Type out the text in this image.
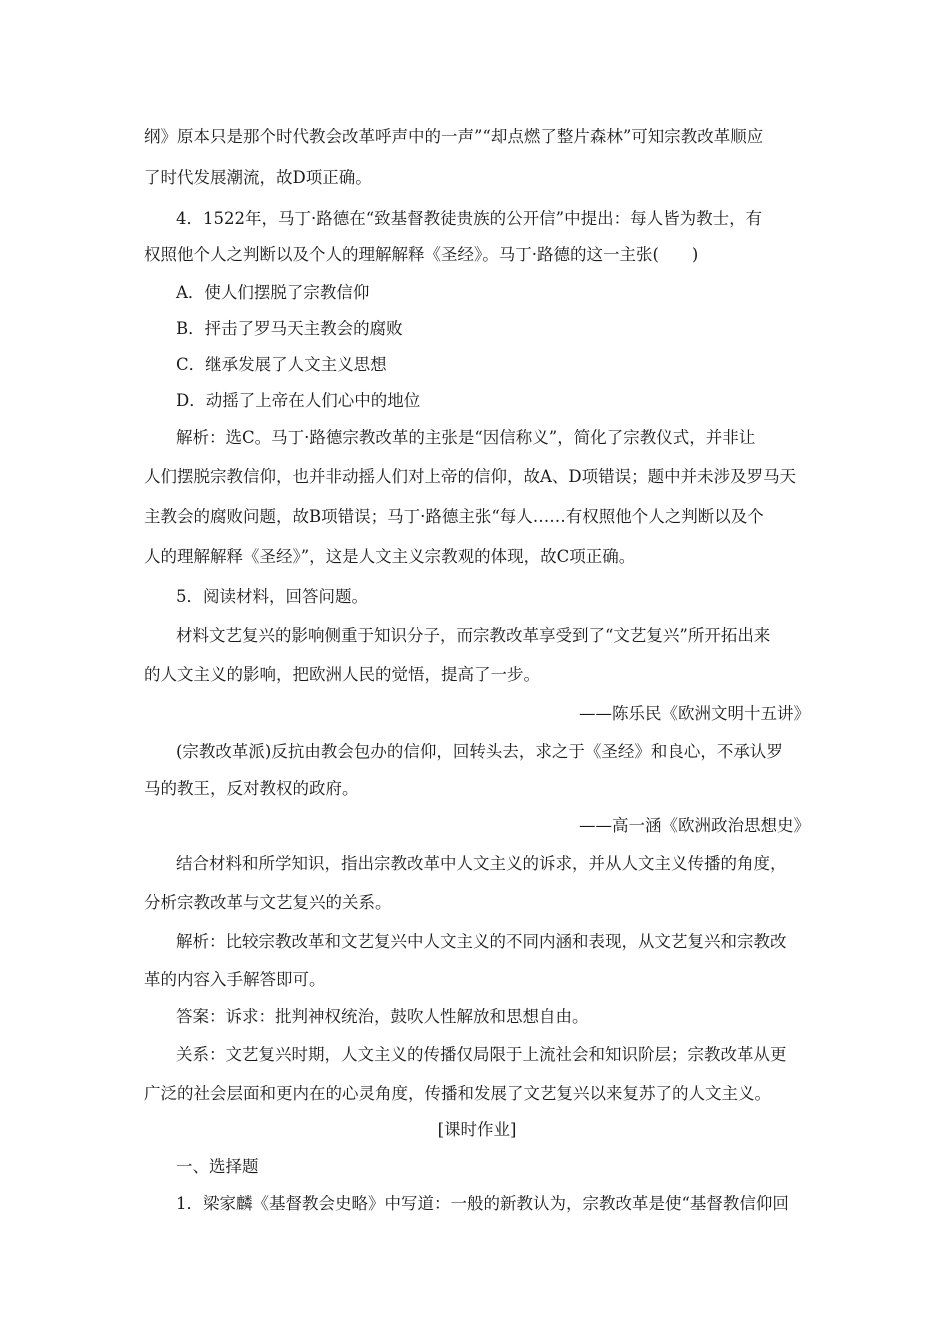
纲》原本只是那个时代教会改革呼声中的一声”“却点燃了整片森林”可知宗教改革顺应
了时代发展潮流，故D项正确。
4．1522年，马丁·路德在“致基督教徒贵族的公开信”中提出：每人皆为教士，有
权照他个人之判断以及个人的理解解释《圣经》。马丁·路德的这一主张(　　)
A．使人们摆脱了宗教信仰
B．抨击了罗马天主教会的腐败
C．继承发展了人文主义思想
D．动摇了上帝在人们心中的地位
解析：选C。马丁·路德宗教改革的主张是“因信称义”，简化了宗教仪式，并非让
人们摆脱宗教信仰，也并非动摇人们对上帝的信仰，故A、D项错误；题中并未涉及罗马天
主教会的腐败问题，故B项错误；马丁·路德主张“每人……有权照他个人之判断以及个
人的理解解释《圣经》”，这是人文主义宗教观的体现，故C项正确。
5．阅读材料，回答问题。
材料文艺复兴的影响侧重于知识分子，而宗教改革享受到了“文艺复兴”所开拓出来
的人文主义的影响，把欧洲人民的觉悟，提高了一步。
——陈乐民《欧洲文明十五讲》
(宗教改革派)反抗由教会包办的信仰，回转头去，求之于《圣经》和良心，不承认罗
马的教王，反对教权的政府。
——高一涵《欧洲政治思想史》
结合材料和所学知识，指出宗教改革中人文主义的诉求，并从人文主义传播的角度，
分析宗教改革与文艺复兴的关系。
解析：比较宗教改革和文艺复兴中人文主义的不同内涵和表现，从文艺复兴和宗教改
革的内容入手解答即可。
答案：诉求：批判神权统治，鼓吹人性解放和思想自由。
关系：文艺复兴时期，人文主义的传播仅局限于上流社会和知识阶层；宗教改革从更
广泛的社会层面和更内在的心灵角度，传播和发展了文艺复兴以来复苏了的人文主义。
[课时作业]
一、选择题
1．梁家麟《基督教会史略》中写道：一般的新教认为，宗教改革是使“基督教信仰回
